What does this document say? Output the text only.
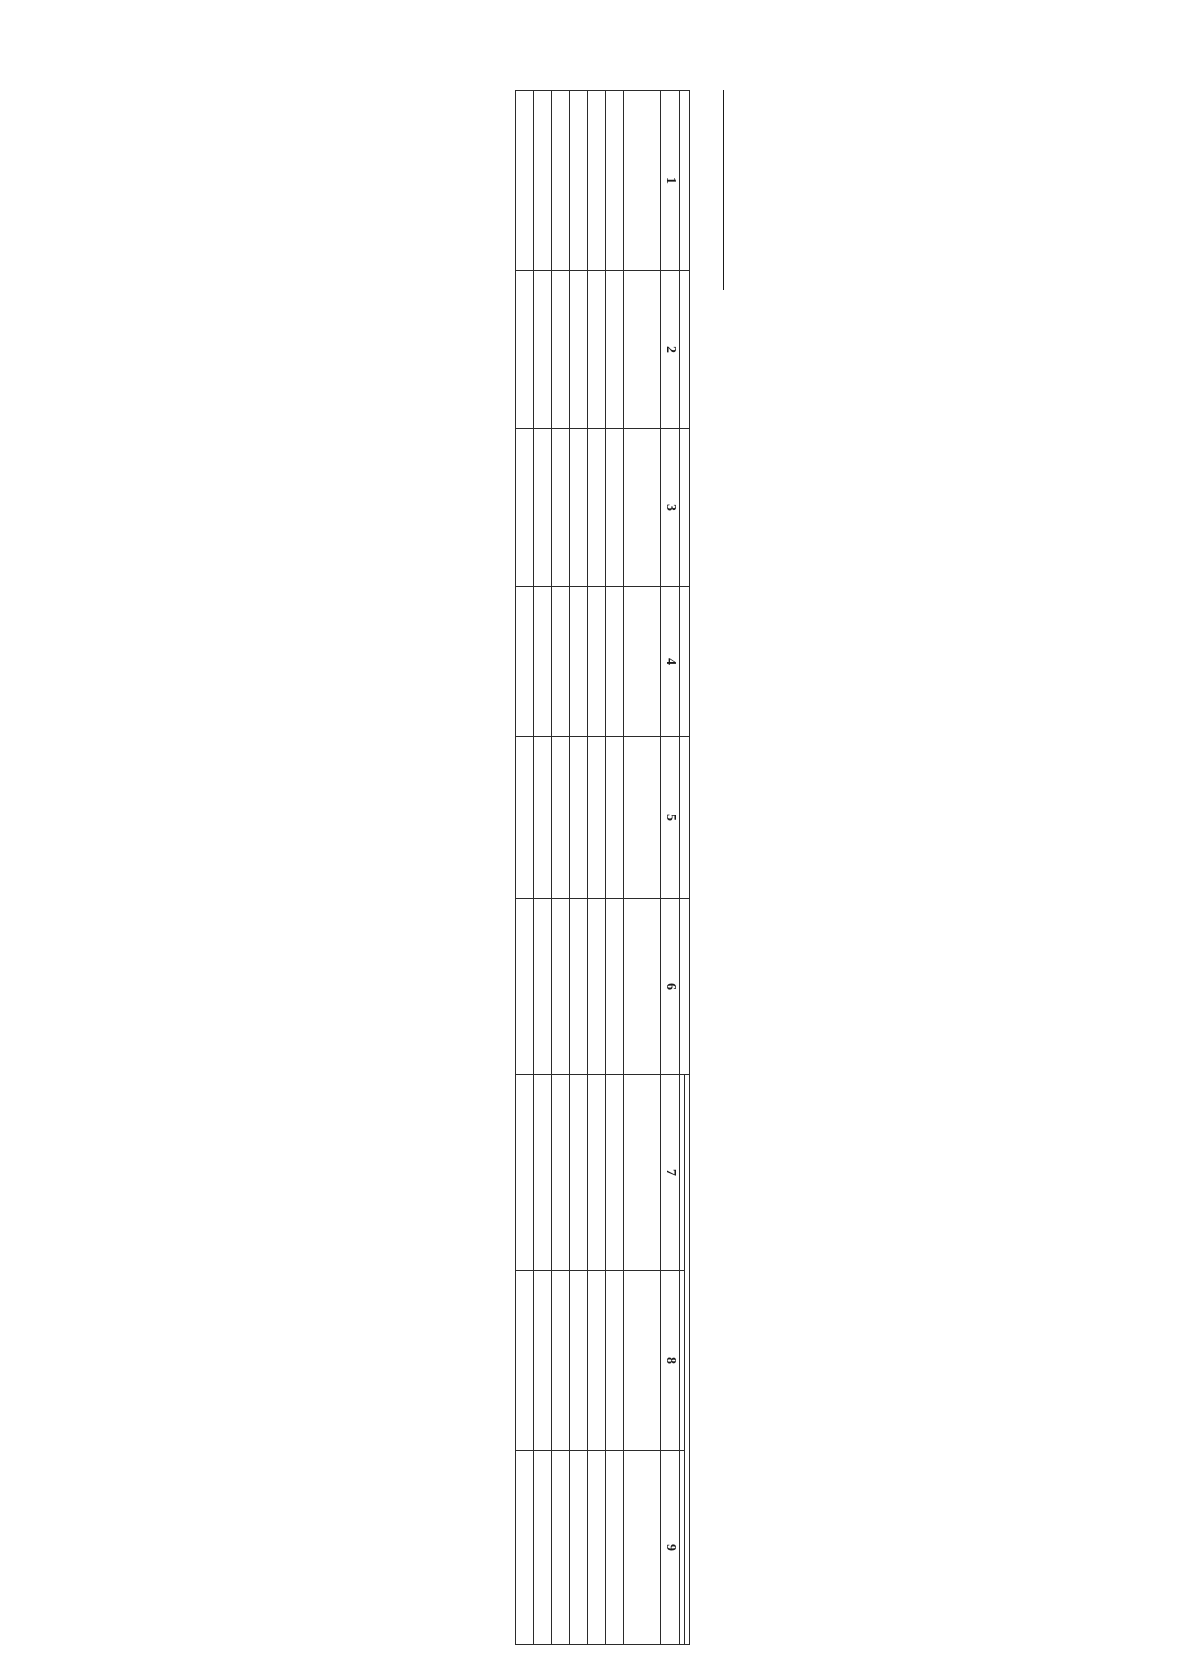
1	2	3	4	5	6	7	8	9
